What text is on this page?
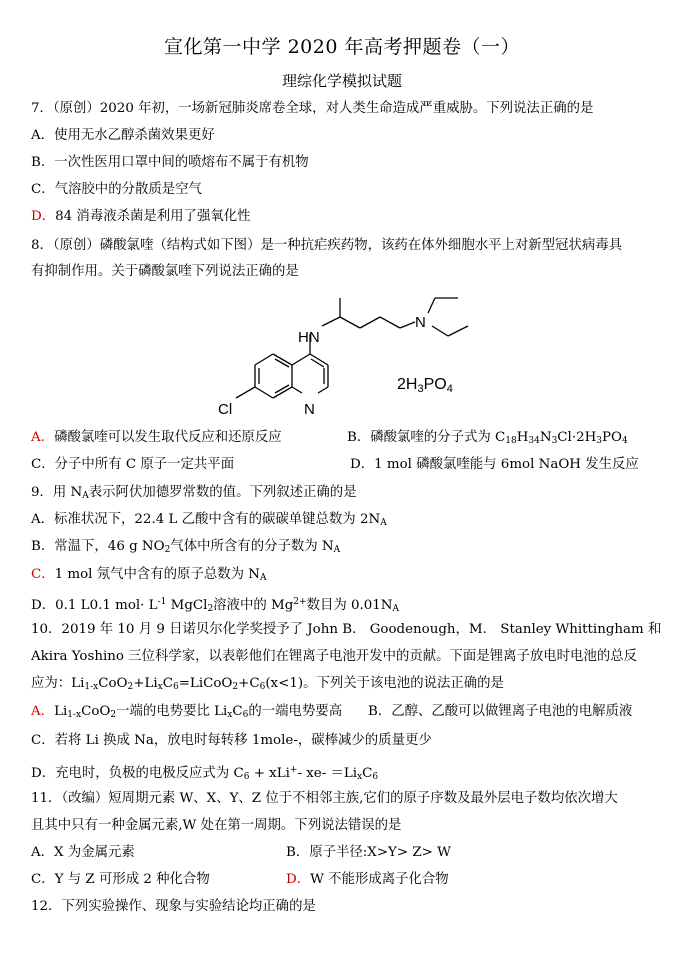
宣化第一中学 2020 年高考押题卷（一）
理综化学模拟试题
7．（原创）2020 年初，一场新冠肺炎席卷全球，对人类生命造成严重威胁。下列说法正确的是
A．使用无水乙醇杀菌效果更好
B．一次性医用口罩中间的喷熔布不属于有机物
C．气溶胶中的分散质是空气
D．84 消毒液杀菌是利用了强氧化性
8．（原创）磷酸氯喹（结构式如下图）是一种抗疟疾药物，该药在体外细胞水平上对新型冠状病毒具
有抑制作用。关于磷酸氯喹下列说法正确的是
HN
N
N
Cl
$2H_3PO_4$
A．磷酸氯喹可以发生取代反应和还原反应	B．磷酸氯喹的分子式为 $C_{18}H_{34}N_3Cl\cdot 2H_3PO_4$
C．分子中所有 C 原子一定共平面	D．1 mol 磷酸氯喹能与 6mol NaOH 发生反应
9．用 $N_A$表示阿伏加德罗常数的值。下列叙述正确的是
A．标准状况下，22.4 L 乙酸中含有的碳碳单键总数为 $2N_A$
B．常温下，46 g $NO_2$气体中所含有的分子数为 $N_A$
C．1 mol 氖气中含有的原子总数为 $N_A$
D．0.1 L0.1 $mol\cdot L^{-1}$ MgCl$_2$溶液中的 $Mg^{2+}$数目为 $0.01N_A$
10．2019 年 10 月 9 日诺贝尔化学奖授予了 John B． Goodenough，M． Stanley Whittingham 和
Akira Yoshino 三位科学家，以表彰他们在锂离子电池开发中的贡献。下面是锂离子放电时电池的总反
应为：$Li_{1-x}CoO_2+Li_xC_6=LiCoO_2+C_6(x<1)$。下列关于该电池的说法正确的是
A．$Li_{1-x}CoO_2$一端的电势要比 $Li_xC_6$的一端电势要高 B．乙醇、乙酸可以做锂离子电池的电解质液
C．若将 Li 换成 Na，放电时每转移 1mole-，碳棒减少的质量更少
D．充电时，负极的电极反应式为 $C_6 + xLi^+-$ $xe- =Li_xC_6$
11．（改编）短周期元素 W、X、Y、Z 位于不相邻主族,它们的原子序数及最外层电子数均依次增大
且其中只有一种金属元素,W 处在第一周期。下列说法错误的是
A．X 为金属元素	B．原子半径:X>Y> Z> W
C．Y 与 Z 可形成 2 种化合物	D．W 不能形成离子化合物
12．下列实验操作、现象与实验结论均正确的是
